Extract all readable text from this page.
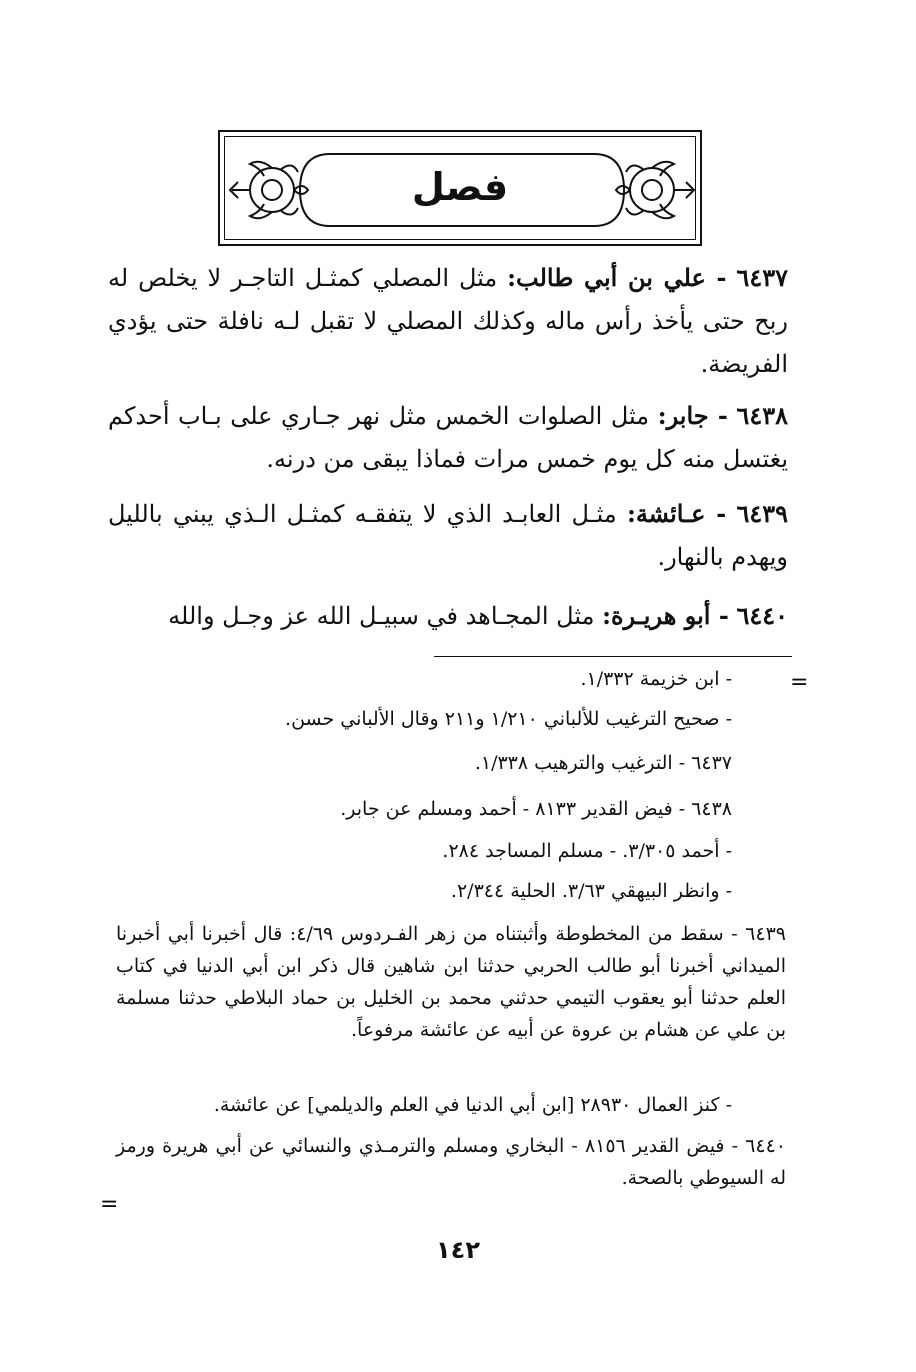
فصل
٦٤٣٧ - علي بن أبي طالب: مثل المصلي كمثـل التاجـر لا يخلص له ربح حتى يأخذ رأس ماله وكذلك المصلي لا تقبل لـه نافلة حتى يؤدي الفريضة.
٦٤٣٨ - جابر: مثل الصلوات الخمس مثل نهر جـاري على بـاب أحدكم يغتسل منه كل يوم خمس مرات فماذا يبقى من درنه.
٦٤٣٩ - عـائشة: مثـل العابـد الذي لا يتفقـه كمثـل الـذي يبني بالليل ويهدم بالنهار.
٦٤٤٠ - أبو هريـرة: مثل المجـاهد في سبيـل الله عز وجـل والله
=
- ابن خزيمة ١/٣٣٢.
- صحيح الترغيب للألباني ١/٢١٠ و٢١١ وقال الألباني حسن.
٦٤٣٧ - الترغيب والترهيب ١/٣٣٨.
٦٤٣٨ - فيض القدير ٨١٣٣ - أحمد ومسلم عن جابر.
- أحمد ٣/٣٠٥. - مسلم المساجد ٢٨٤.
- وانظر البيهقي ٣/٦٣. الحلية ٢/٣٤٤.
٦٤٣٩ - سقط من المخطوطة وأثبتناه من زهر الفـردوس ٤/٦٩: قال أخبرنا أبي أخبرنا الميداني أخبرنا أبو طالب الحربي حدثنا ابن شاهين قال ذكر ابن أبي الدنيا في كتاب العلم حدثنا أبو يعقوب التيمي حدثني محمد بن الخليل بن حماد البلاطي حدثنا مسلمة بن علي عن هشام بن عروة عن أبيه عن عائشة مرفوعاً.
- كنز العمال ٢٨٩٣٠ [ابن أبي الدنيا في العلم والديلمي] عن عائشة.
٦٤٤٠ - فيض القدير ٨١٥٦ - البخاري ومسلم والترمـذي والنسائي عن أبي هريرة ورمز له السيوطي بالصحة.
=
١٤٢
